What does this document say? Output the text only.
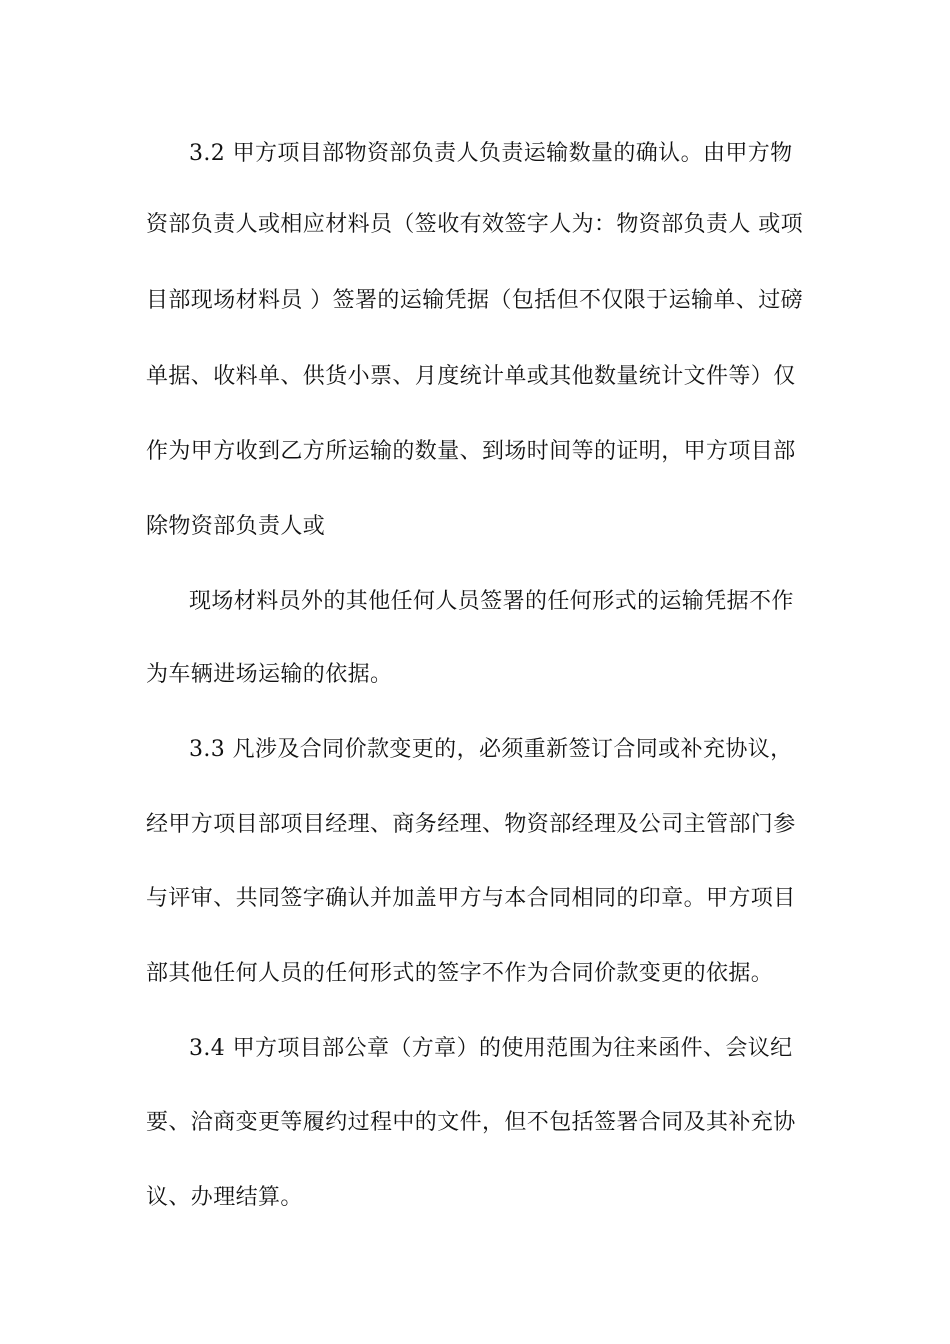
3.2 甲方项目部物资部负责人负责运输数量的确认。由甲方物
资部负责人或相应材料员（签收有效签字人为：物资部负责人 或项
目部现场材料员 ）签署的运输凭据（包括但不仅限于运输单、过磅
单据、收料单、供货小票、月度统计单或其他数量统计文件等）仅
作为甲方收到乙方所运输的数量、到场时间等的证明，甲方项目部
除物资部负责人或
现场材料员外的其他任何人员签署的任何形式的运输凭据不作
为车辆进场运输的依据。
3.3 凡涉及合同价款变更的，必须重新签订合同或补充协议，
经甲方项目部项目经理、商务经理、物资部经理及公司主管部门参
与评审、共同签字确认并加盖甲方与本合同相同的印章。甲方项目
部其他任何人员的任何形式的签字不作为合同价款变更的依据。
3.4 甲方项目部公章（方章）的使用范围为往来函件、会议纪
要、洽商变更等履约过程中的文件，但不包括签署合同及其补充协
议、办理结算。
